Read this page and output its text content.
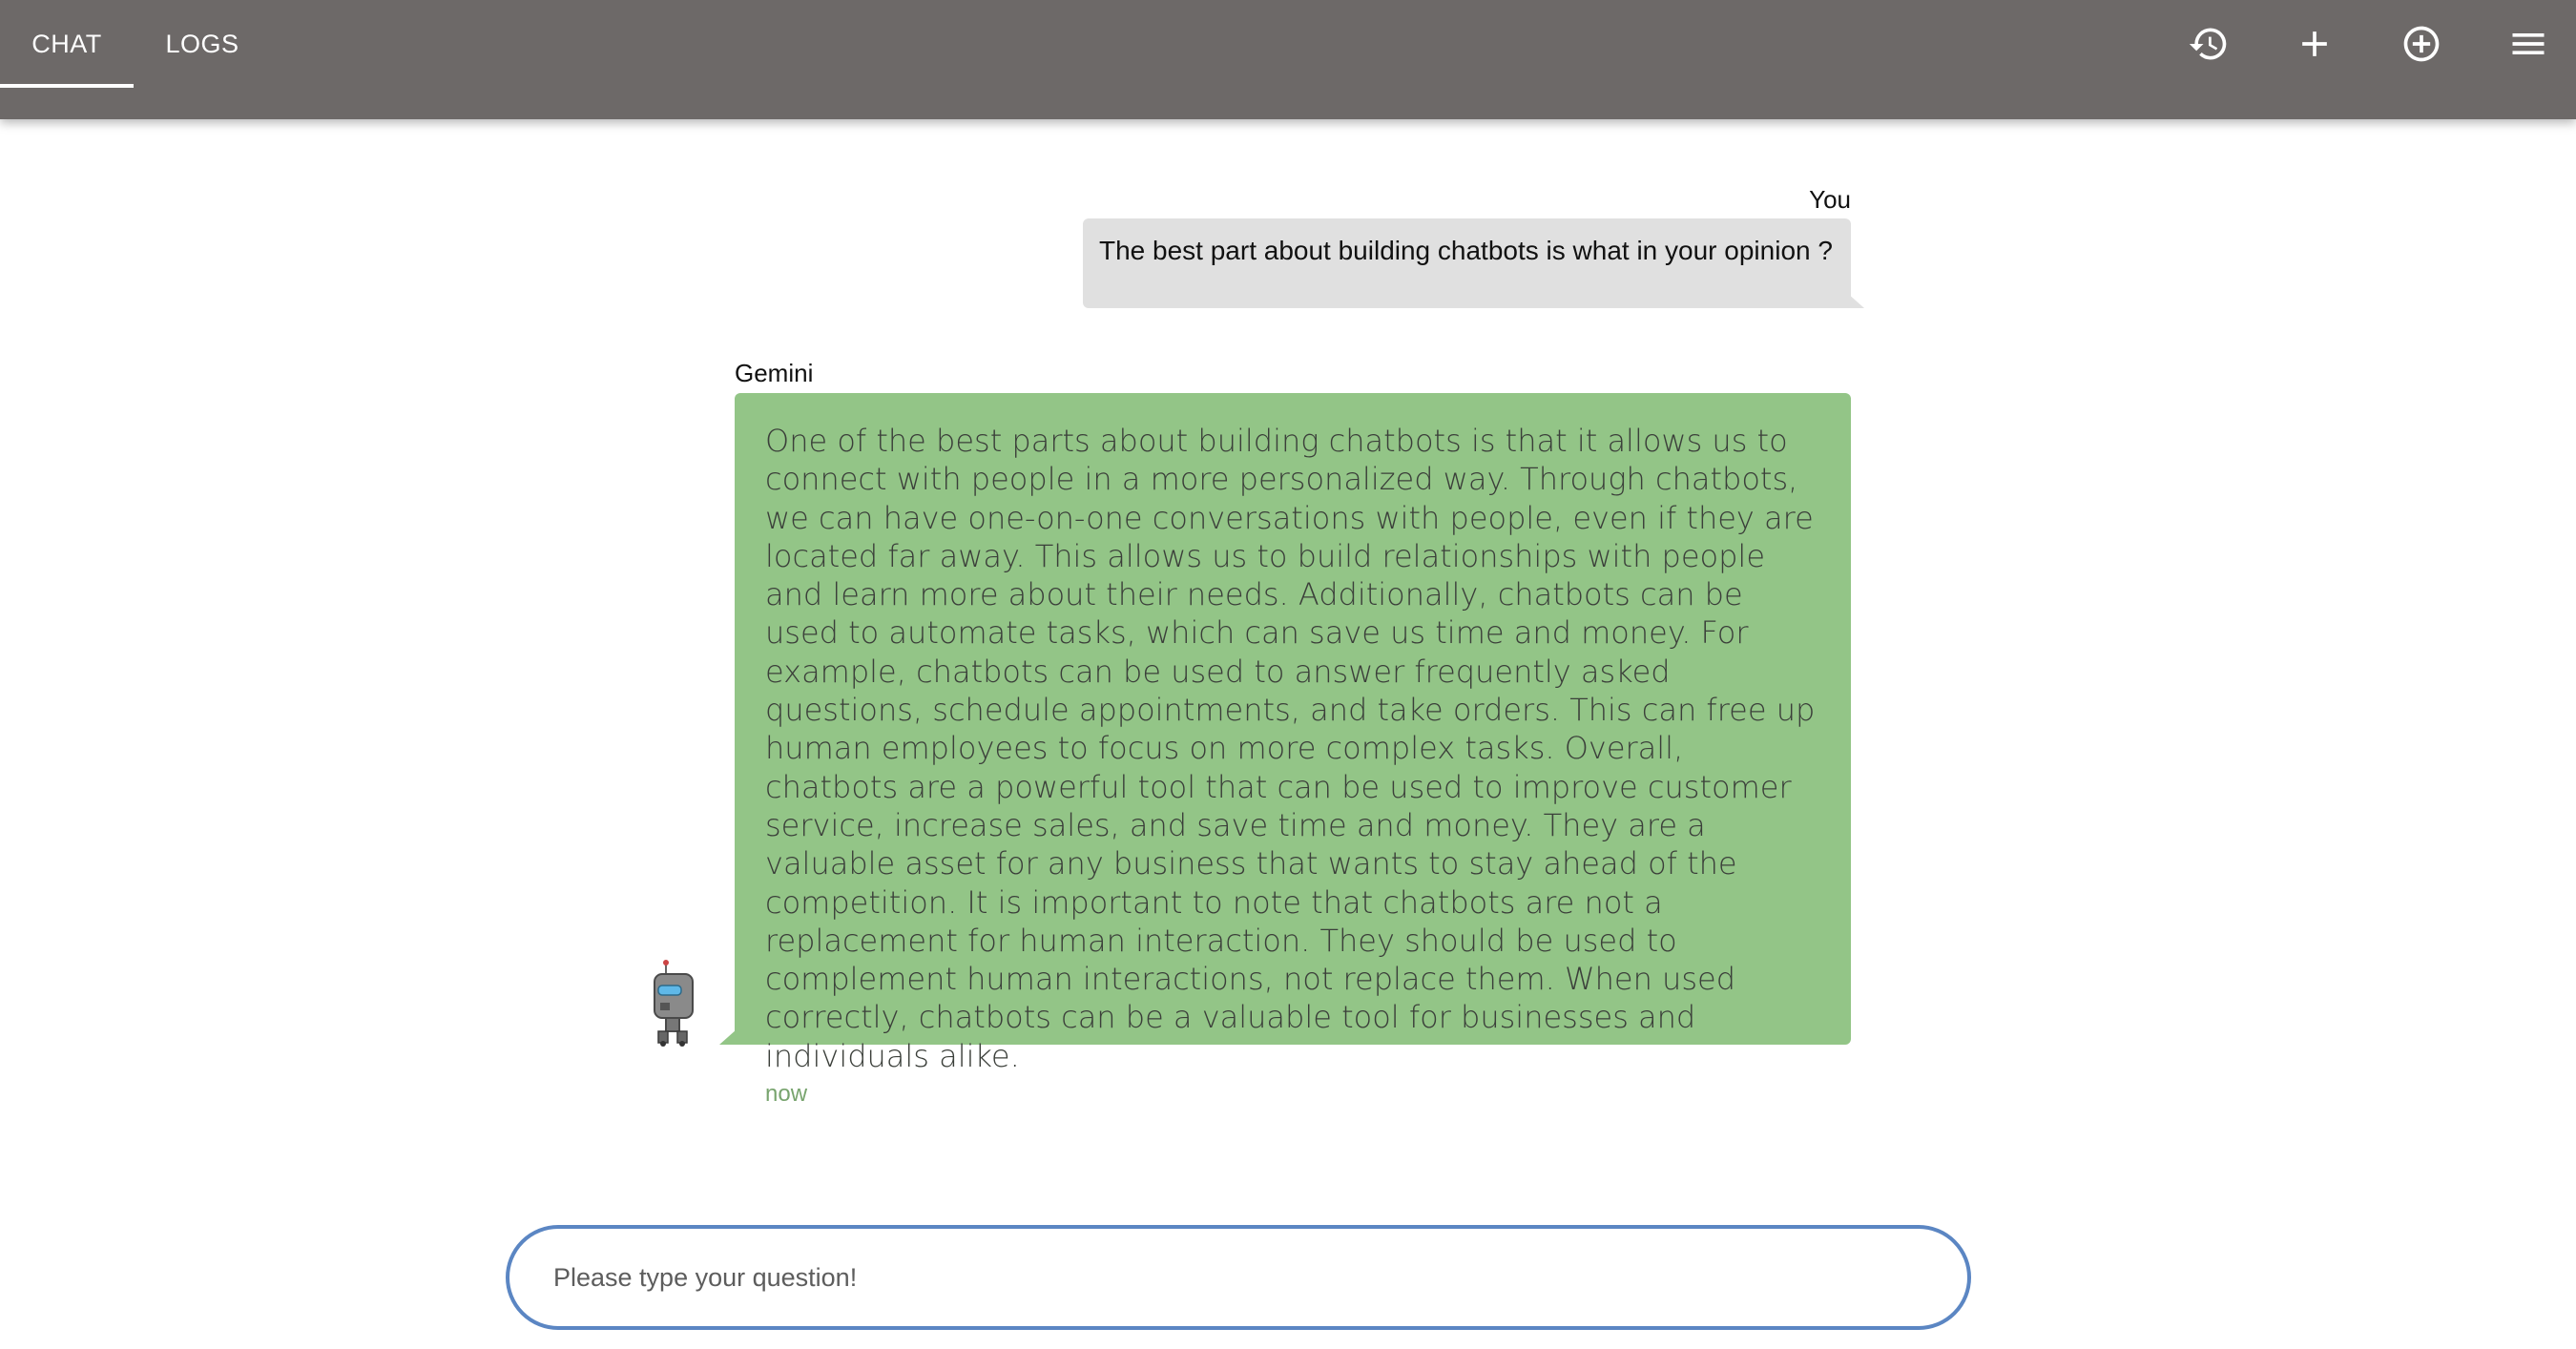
CHAT LOGS
You
The best part about building chatbots is what in your opinion ?
Gemini

One of the best parts about building chatbots is that it allows us to connect with people in a more personalized way. Through chatbots, we can have one-on-one conversations with people, even if they are located far away. This allows us to build relationships with people and learn more about their needs. Additionally, chatbots can be used to automate tasks, which can save us time and money. For example, chatbots can be used to answer frequently asked questions, schedule appointments, and take orders. This can free up human employees to focus on more complex tasks. Overall, chatbots are a powerful tool that can be used to improve customer service, increase sales, and save time and money. They are a valuable asset for any business that wants to stay ahead of the competition. It is important to note that chatbots are not a replacement for human interaction. They should be used to complement human interactions, not replace them. When used correctly, chatbots can be a valuable tool for businesses and individuals alike.

now
Please type your question!
